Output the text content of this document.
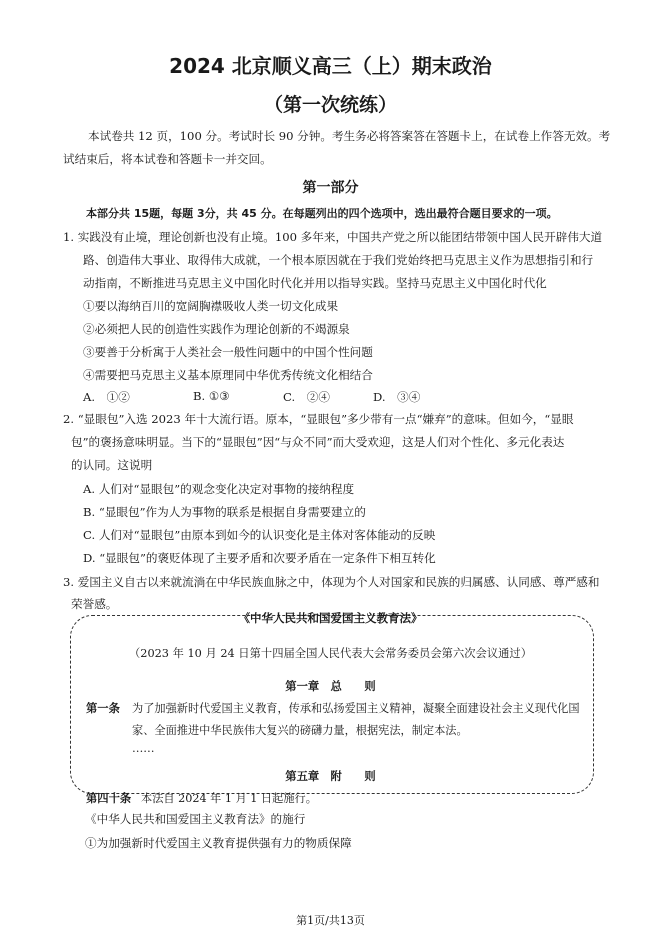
2024 北京顺义高三（上）期末政治
（第一次统练）
本试卷共 12 页，100 分。考试时长 90 分钟。考生务必将答案答在答题卡上，在试卷上作答无效。考
试结束后，将本试卷和答题卡一并交回。
第一部分
本部分共 15题，每题 3分，共 45 分。在每题列出的四个选项中，选出最符合题目要求的一项。
1. 实践没有止境，理论创新也没有止境。100 多年来，中国共产党之所以能团结带领中国人民开辟伟大道
路、创造伟大事业、取得伟大成就，一个根本原因就在于我们党始终把马克思主义作为思想指引和行
动指南，不断推进马克思主义中国化时代化并用以指导实践。坚持马克思主义中国化时代化
①要以海纳百川的宽阔胸襟吸收人类一切文化成果
②必须把人民的创造性实践作为理论创新的不竭源泉
③要善于分析寓于人类社会一般性问题中的中国个性问题
④需要把马克思主义基本原理同中华优秀传统文化相结合
A.　①②	B. ①③	C.　②④	D.　③④
2. “显眼包”入选 2023 年十大流行语。原本，“显眼包”多少带有一点“嫌弃”的意味。但如今，“显眼
包”的褒扬意味明显。当下的“显眼包”因“与众不同”而大受欢迎，这是人们对个性化、多元化表达
的认同。这说明
A. 人们对“显眼包”的观念变化决定对事物的接纳程度
B. “显眼包”作为人为事物的联系是根据自身需要建立的
C. 人们对“显眼包”由原本到如今的认识变化是主体对客体能动的反映
D. “显眼包”的褒贬体现了主要矛盾和次要矛盾在一定条件下相互转化
3. 爱国主义自古以来就流淌在中华民族血脉之中，体现为个人对国家和民族的归属感、认同感、尊严感和
荣誉感。
《中华人民共和国爱国主义教育法》
（2023 年 10 月 24 日第十四届全国人民代表大会常务委员会第六次会议通过）
第一章　总　　则
第一条 为了加强新时代爱国主义教育，传承和弘扬爱国主义精神，凝聚全面建设社会主义现代化国
家、全面推进中华民族伟大复兴的磅礴力量，根据宪法，制定本法。
……
第五章　附　　则
第四十条 本法自 2024 年 1 月 1 日起施行。
《中华人民共和国爱国主义教育法》的施行
①为加强新时代爱国主义教育提供强有力的物质保障
第1页/共13页
